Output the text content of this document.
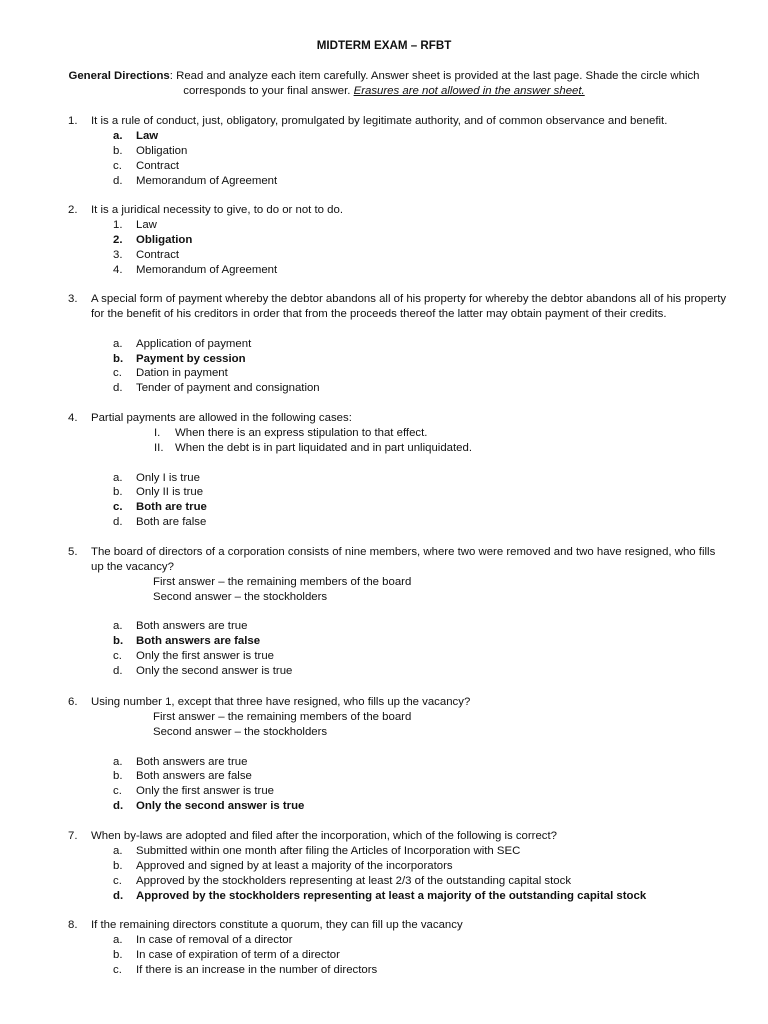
MIDTERM EXAM – RFBT
General Directions: Read and analyze each item carefully. Answer sheet is provided at the last page. Shade the circle which corresponds to your final answer. Erasures are not allowed in the answer sheet.
1. It is a rule of conduct, just, obligatory, promulgated by legitimate authority, and of common observance and benefit.
a. Law
b. Obligation
c. Contract
d. Memorandum of Agreement
2. It is a juridical necessity to give, to do or not to do.
1. Law
2. Obligation
3. Contract
4. Memorandum of Agreement
3. A special form of payment whereby the debtor abandons all of his property for whereby the debtor abandons all of his property for the benefit of his creditors in order that from the proceeds thereof the latter may obtain payment of their credits.
a. Application of payment
b. Payment by cession
c. Dation in payment
d. Tender of payment and consignation
4. Partial payments are allowed in the following cases:
I. When there is an express stipulation to that effect.
II. When the debt is in part liquidated and in part unliquidated.
a. Only I is true
b. Only II is true
c. Both are true
d. Both are false
5. The board of directors of a corporation consists of nine members, where two were removed and two have resigned, who fills up the vacancy?
First answer – the remaining members of the board
Second answer – the stockholders
a. Both answers are true
b. Both answers are false
c. Only the first answer is true
d. Only the second answer is true
6. Using number 1, except that three have resigned, who fills up the vacancy?
First answer – the remaining members of the board
Second answer – the stockholders
a. Both answers are true
b. Both answers are false
c. Only the first answer is true
d. Only the second answer is true
7. When by-laws are adopted and filed after the incorporation, which of the following is correct?
a. Submitted within one month after filing the Articles of Incorporation with SEC
b. Approved and signed by at least a majority of the incorporators
c. Approved by the stockholders representing at least 2/3 of the outstanding capital stock
d. Approved by the stockholders representing at least a majority of the outstanding capital stock
8. If the remaining directors constitute a quorum, they can fill up the vacancy
a. In case of removal of a director
b. In case of expiration of term of a director
c. If there is an increase in the number of directors
